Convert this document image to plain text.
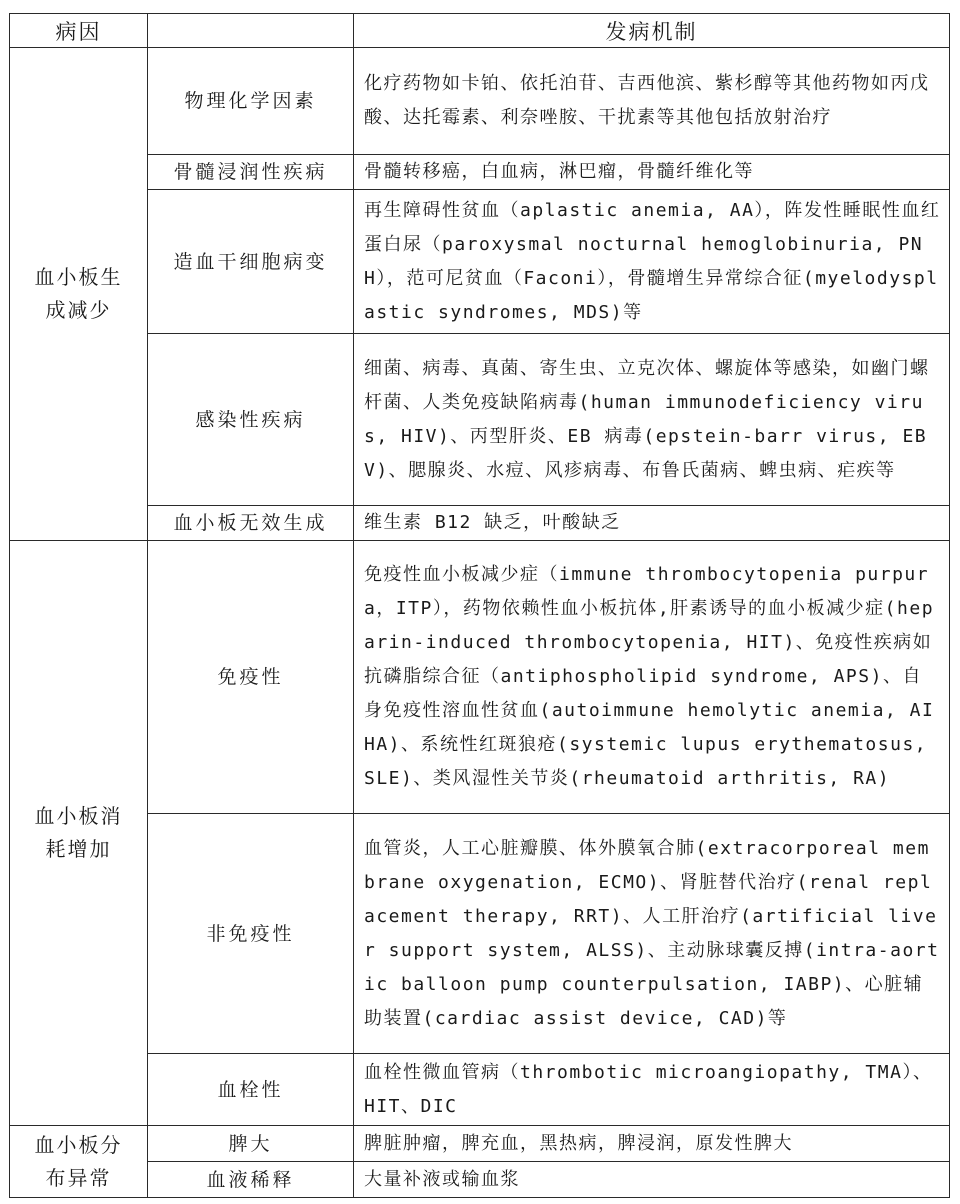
病因		发病机制
血小板生成减少	物理化学因素	化疗药物如卡铂、依托泊苷、吉西他滨、紫杉醇等其他药物如丙戊酸、达托霉素、利奈唑胺、干扰素等其他包括放射治疗
	骨髓浸润性疾病	骨髓转移癌，白血病，淋巴瘤，骨髓纤维化等
	造血干细胞病变	再生障碍性贫血（aplastic anemia, AA），阵发性睡眠性血红蛋白尿（paroxysmal nocturnal hemoglobinuria, PNH），范可尼贫血（Faconi），骨髓增生异常综合征(myelodysplastic syndromes, MDS)等
	感染性疾病	细菌、病毒、真菌、寄生虫、立克次体、螺旋体等感染，如幽门螺杆菌、人类免疫缺陷病毒(human immunodeficiency virus, HIV)、丙型肝炎、EB 病毒(epstein-barr virus, EBV)、腮腺炎、水痘、风疹病毒、布鲁氏菌病、蜱虫病、疟疾等
	血小板无效生成	维生素 B12 缺乏，叶酸缺乏
血小板消耗增加	免疫性	免疫性血小板减少症（immune thrombocytopenia purpura，ITP），药物依赖性血小板抗体,肝素诱导的血小板减少症(heparin-induced thrombocytopenia, HIT)、免疫性疾病如抗磷脂综合征（antiphospholipid syndrome, APS)、自身免疫性溶血性贫血(autoimmune hemolytic anemia, AIHA)、系统性红斑狼疮(systemic lupus erythematosus, SLE)、类风湿性关节炎(rheumatoid arthritis, RA)
	非免疫性	血管炎，人工心脏瓣膜、体外膜氧合肺(extracorporeal membrane oxygenation, ECMO)、肾脏替代治疗(renal replacement therapy, RRT)、人工肝治疗(artificial liver support system, ALSS)、主动脉球囊反搏(intra-aortic balloon pump counterpulsation, IABP)、心脏辅助装置(cardiac assist device, CAD)等
	血栓性	血栓性微血管病（thrombotic microangiopathy, TMA）、HIT、DIC
血小板分布异常	脾大	脾脏肿瘤，脾充血，黑热病，脾浸润，原发性脾大
	血液稀释	大量补液或输血浆
